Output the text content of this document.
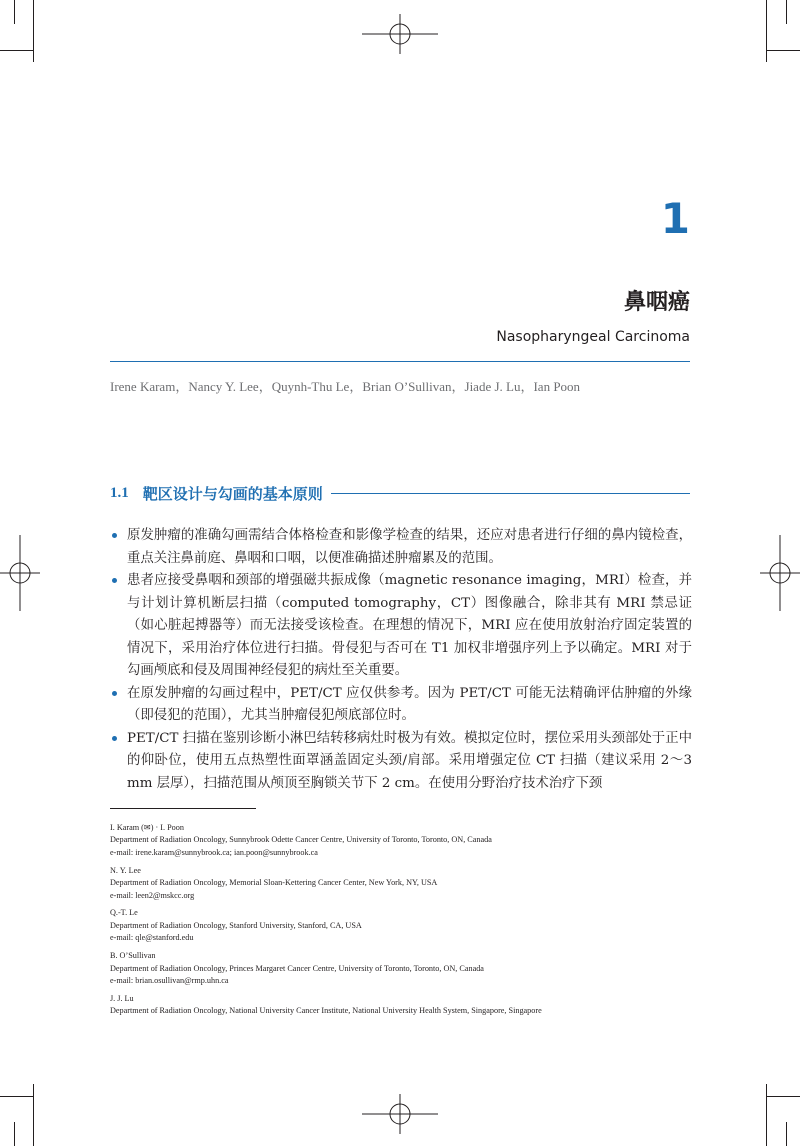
1
鼻咽癌
Nasopharyngeal Carcinoma
Irene Karam，Nancy Y. Lee，Quynh-Thu Le，Brian O’Sullivan，Jiade J. Lu，Ian Poon
1.1 靶区设计与勾画的基本原则
原发肿瘤的准确勾画需结合体格检查和影像学检查的结果，还应对患者进行仔细的鼻内镜检查，重点关注鼻前庭、鼻咽和口咽，以便准确描述肿瘤累及的范围。
患者应接受鼻咽和颈部的增强磁共振成像（magnetic resonance imaging，MRI）检查，并与计划计算机断层扫描（computed tomography，CT）图像融合，除非其有 MRI 禁忌证（如心脏起搏器等）而无法接受该检查。在理想的情况下，MRI 应在使用放射治疗固定装置的情况下，采用治疗体位进行扫描。骨侵犯与否可在 T1 加权非增强序列上予以确定。MRI 对于勾画颅底和侵及周围神经侵犯的病灶至关重要。
在原发肿瘤的勾画过程中，PET/CT 应仅供参考。因为 PET/CT 可能无法精确评估肿瘤的外缘（即侵犯的范围），尤其当肿瘤侵犯颅底部位时。
PET/CT 扫描在鉴别诊断小淋巴结转移病灶时极为有效。模拟定位时，摆位采用头颈部处于正中的仰卧位，使用五点热塑性面罩涵盖固定头颈/肩部。采用增强定位 CT 扫描（建议采用 2～3 mm 层厚），扫描范围从颅顶至胸锁关节下 2 cm。在使用分野治疗技术治疗下颈
I. Karam (✉) · I. Poon
Department of Radiation Oncology, Sunnybrook Odette Cancer Centre, University of Toronto, Toronto, ON, Canada
e-mail: irene.karam@sunnybrook.ca; ian.poon@sunnybrook.ca
N. Y. Lee
Department of Radiation Oncology, Memorial Sloan-Kettering Cancer Center, New York, NY, USA
e-mail: leen2@mskcc.org
Q.-T. Le
Department of Radiation Oncology, Stanford University, Stanford, CA, USA
e-mail: qle@stanford.edu
B. O’Sullivan
Department of Radiation Oncology, Princes Margaret Cancer Centre, University of Toronto, Toronto, ON, Canada
e-mail: brian.osullivan@rmp.uhn.ca
J. J. Lu
Department of Radiation Oncology, National University Cancer Institute, National University Health System, Singapore, Singapore
